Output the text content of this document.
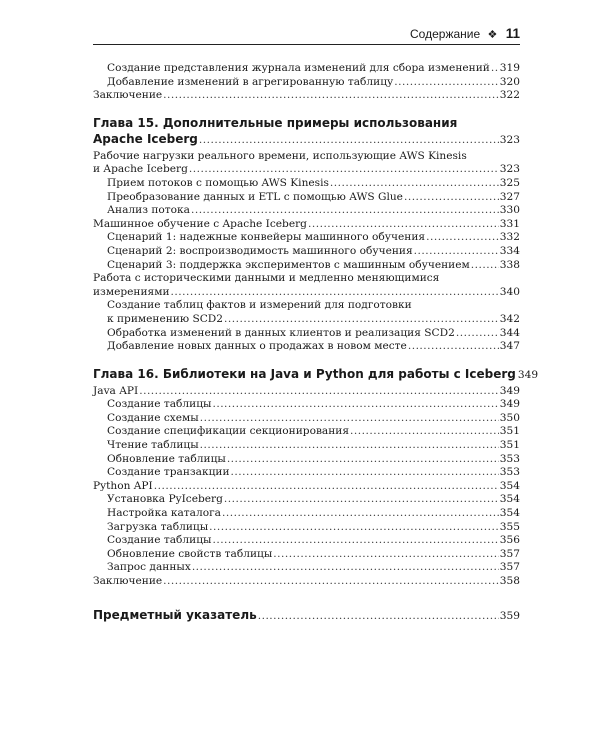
Содержание ❖ 11
Создание представления журнала изменений для сбора изменений ..... 319
Добавление изменений в агрегированную таблицу .....	320
Заключение .....	322
Глава 15. Дополнительные примеры использования
Apache Iceberg .....	323
Рабочие нагрузки реального времени, использующие AWS Kinesis
и Apache Iceberg .....	323
Прием потоков с помощью AWS Kinesis .....	325
Преобразование данных и ETL с помощью AWS Glue .....	327
Анализ потока .....	330
Машинное обучение с Apache Iceberg .....	331
Сценарий 1: надежные конвейеры машинного обучения .....	332
Сценарий 2: воспроизводимость машинного обучения .....	334
Сценарий 3: поддержка экспериментов с машинным обучением .....	338
Работа с историческими данными и медленно меняющимися
измерениями .....	340
Создание таблиц фактов и измерений для подготовки
к применению SCD2 .....	342
Обработка изменений в данных клиентов и реализация SCD2 .....	344
Добавление новых данных о продажах в новом месте .....	347
Глава 16. Библиотеки на Java и Python для работы с Iceberg 349
Java API .....	349
Создание таблицы .....	349
Создание схемы .....	350
Создание спецификации секционирования .....	351
Чтение таблицы .....	351
Обновление таблицы .....	353
Создание транзакции .....	353
Python API .....	354
Установка PyIceberg .....	354
Настройка каталога .....	354
Загрузка таблицы .....	355
Создание таблицы .....	356
Обновление свойств таблицы .....	357
Запрос данных .....	357
Заключение .....	358
Предметный указатель .....	359
